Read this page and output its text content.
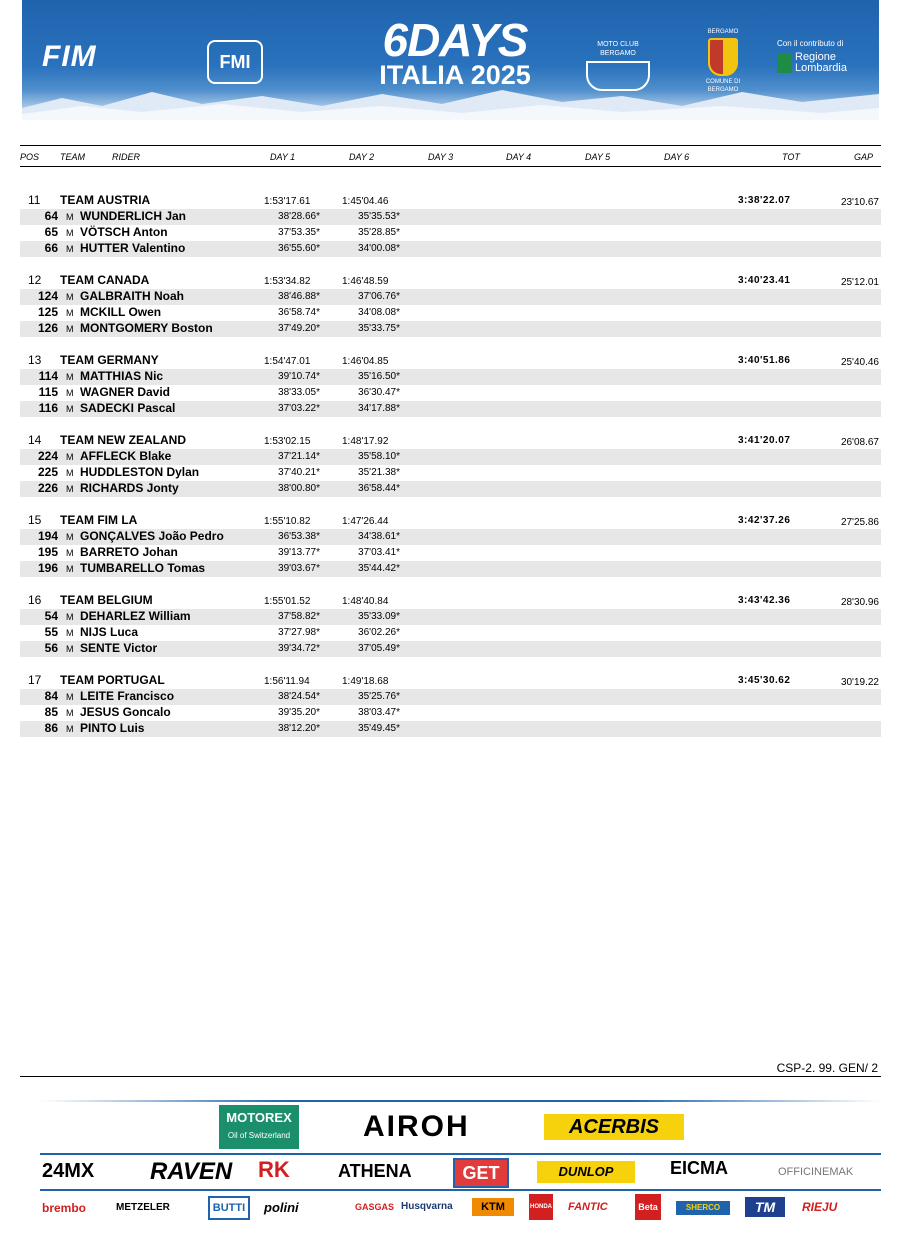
FIM	FMI	6DAYS
ITALIA 2025
MOTO CLUB BERGAMO
BERGAMO
COMUNE DI BERGAMO
Con il contributo di
Regione Lombardia
POS TEAM	RIDER	DAY 1	DAY 2	DAY 3	DAY 4	DAY 5	DAY 6	TOT	GAP
11 TEAM AUSTRIA	1:53'17.61	1:45'04.46	3:38'22.07	23'10.67
64 M WUNDERLICH Jan	38'28.66*	35'35.53*
65 M VÖTSCH Anton	37'53.35*	35'28.85*
66 M HUTTER Valentino	36'55.60*	34'00.08*
12 TEAM CANADA	1:53'34.82	1:46'48.59	3:40'23.41	25'12.01
124 M GALBRAITH Noah	38'46.88*	37'06.76*
125 M MCKILL Owen	36'58.74*	34'08.08*
126 M MONTGOMERY Boston	37'49.20*	35'33.75*
13 TEAM GERMANY	1:54'47.01	1:46'04.85	3:40'51.86	25'40.46
114 M MATTHIAS Nic	39'10.74*	35'16.50*
115 M WAGNER David	38'33.05*	36'30.47*
116 M SADECKI Pascal	37'03.22*	34'17.88*
14 TEAM NEW ZEALAND	1:53'02.15	1:48'17.92	3:41'20.07	26'08.67
224 M AFFLECK Blake	37'21.14*	35'58.10*
225 M HUDDLESTON Dylan	37'40.21*	35'21.38*
226 M RICHARDS Jonty	38'00.80*	36'58.44*
15 TEAM FIM LA	1:55'10.82	1:47'26.44	3:42'37.26	27'25.86
194 M GONÇALVES João Pedro	36'53.38*	34'38.61*
195 M BARRETO Johan	39'13.77*	37'03.41*
196 M TUMBARELLO Tomas	39'03.67*	35'44.42*
16 TEAM BELGIUM	1:55'01.52	1:48'40.84	3:43'42.36	28'30.96
54 M DEHARLEZ William	37'58.82*	35'33.09*
55 M NIJS Luca	37'27.98*	36'02.26*
56 M SENTE Victor	39'34.72*	37'05.49*
17 TEAM PORTUGAL	1:56'11.94	1:49'18.68	3:45'30.62	30'19.22
84 M LEITE Francisco	38'24.54*	35'25.76*
85 M JESUS Goncalo	39'35.20*	38'03.47*
86 M PINTO Luis	38'12.20*	35'49.45*
CSP-2. 99. GEN/ 2
MOTOREX
Oil of Switzerland AIROH	ACERBIS
24MX RAVEN RK	ATHENA	GET	DUNLOP	EICMA	OFFICINEMAK
brembo	METZELER	BUTTI	polini	GASGAS Husqvarna	KTM	HONDA FANTIC	Beta	SHERCO	TM	RIEJU
